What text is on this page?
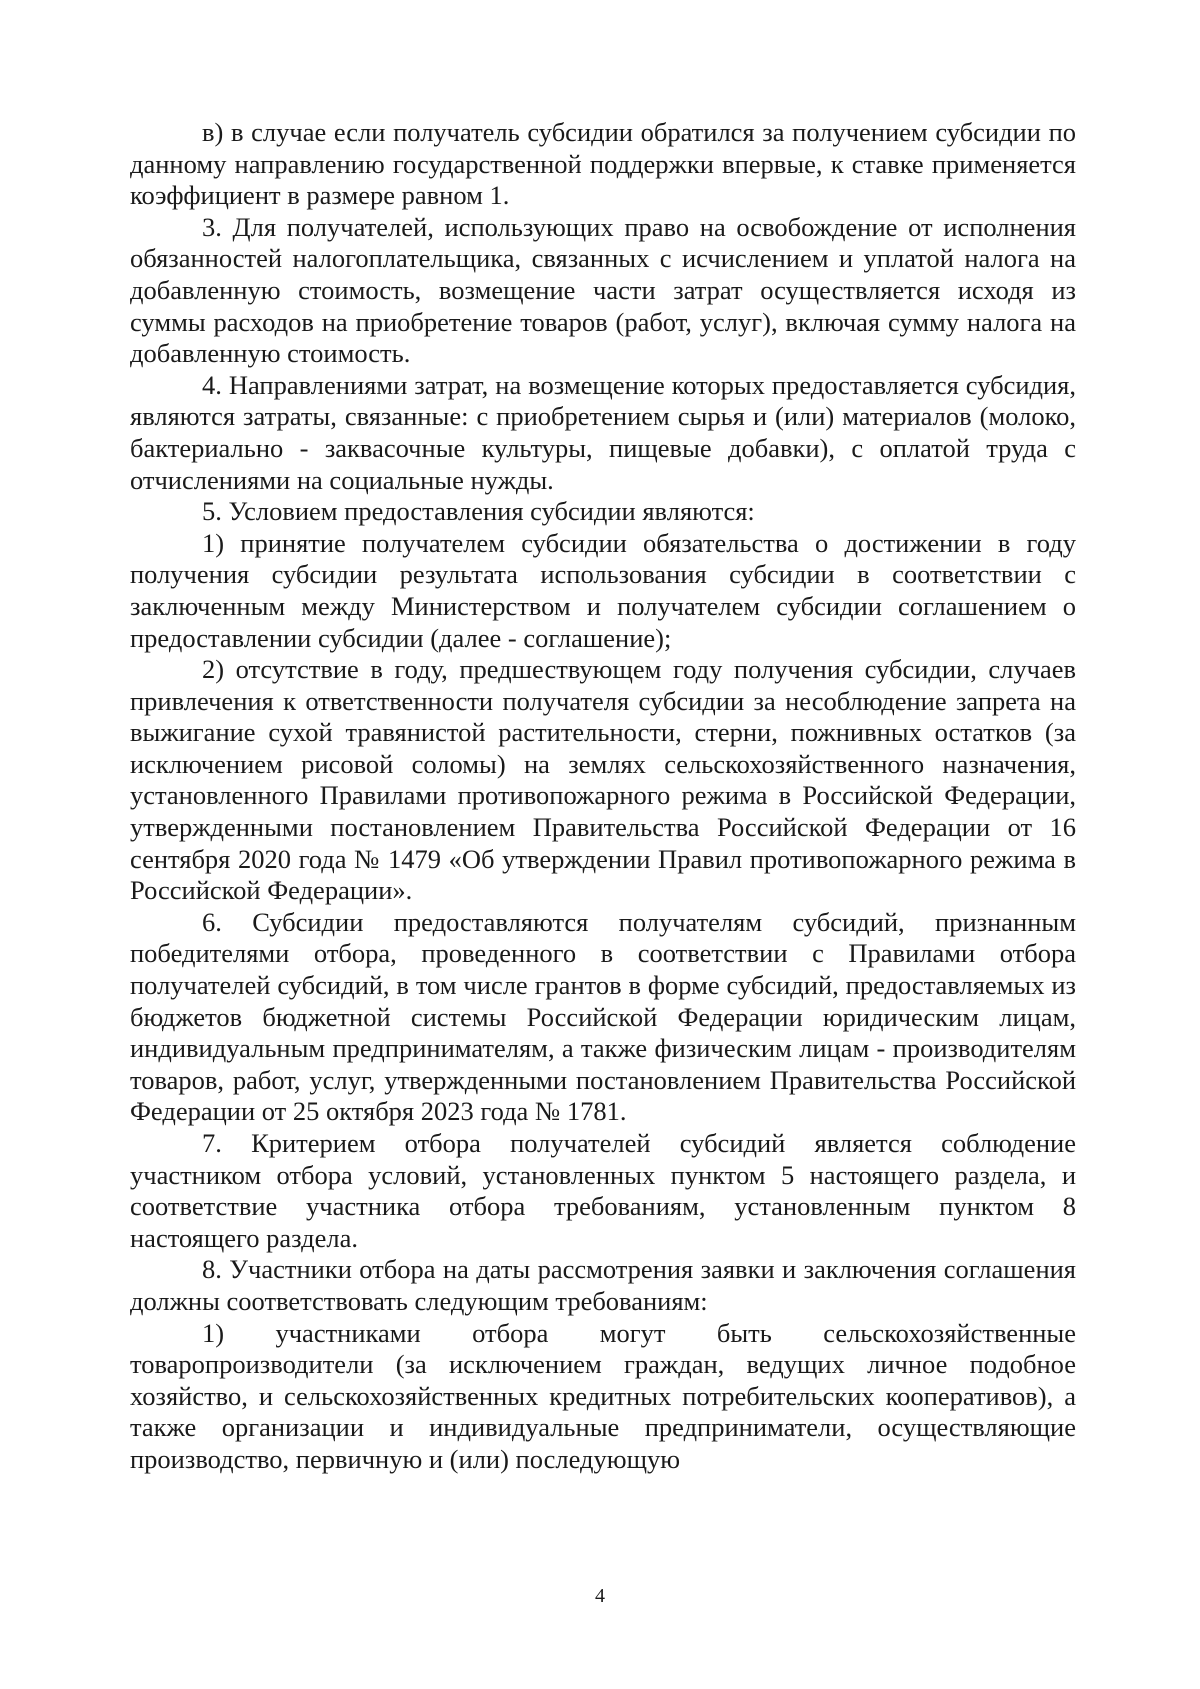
в) в случае если получатель субсидии обратился за получением субсидии по данному направлению государственной поддержки впервые, к ставке применяется коэффициент в размере равном 1.

3. Для получателей, использующих право на освобождение от исполнения обязанностей налогоплательщика, связанных с исчислением и уплатой налога на добавленную стоимость, возмещение части затрат осуществляется исходя из суммы расходов на приобретение товаров (работ, услуг), включая сумму налога на добавленную стоимость.

4. Направлениями затрат, на возмещение которых предоставляется субсидия, являются затраты, связанные: с приобретением сырья и (или) материалов (молоко, бактериально - заквасочные культуры, пищевые добавки), с оплатой труда с отчислениями на социальные нужды.

5. Условием предоставления субсидии являются:

1) принятие получателем субсидии обязательства о достижении в году получения субсидии результата использования субсидии в соответствии с заключенным между Министерством и получателем субсидии соглашением о предоставлении субсидии (далее - соглашение);

2) отсутствие в году, предшествующем году получения субсидии, случаев привлечения к ответственности получателя субсидии за несоблюдение запрета на выжигание сухой травянистой растительности, стерни, пожнивных остатков (за исключением рисовой соломы) на землях сельскохозяйственного назначения, установленного Правилами противопожарного режима в Российской Федерации, утвержденными постановлением Правительства Российской Федерации от 16 сентября 2020 года № 1479 «Об утверждении Правил противопожарного режима в Российской Федерации».

6. Субсидии предоставляются получателям субсидий, признанным победителями отбора, проведенного в соответствии с Правилами отбора получателей субсидий, в том числе грантов в форме субсидий, предоставляемых из бюджетов бюджетной системы Российской Федерации юридическим лицам, индивидуальным предпринимателям, а также физическим лицам - производителям товаров, работ, услуг, утвержденными постановлением Правительства Российской Федерации от 25 октября 2023 года № 1781.

7. Критерием отбора получателей субсидий является соблюдение участником отбора условий, установленных пунктом 5 настоящего раздела, и соответствие участника отбора требованиям, установленным пунктом 8 настоящего раздела.

8. Участники отбора на даты рассмотрения заявки и заключения соглашения должны соответствовать следующим требованиям:

1) участниками отбора могут быть сельскохозяйственные товаропроизводители (за исключением граждан, ведущих личное подобное хозяйство, и сельскохозяйственных кредитных потребительских кооперативов), а также организации и индивидуальные предприниматели, осуществляющие производство, первичную и (или) последующую

4
